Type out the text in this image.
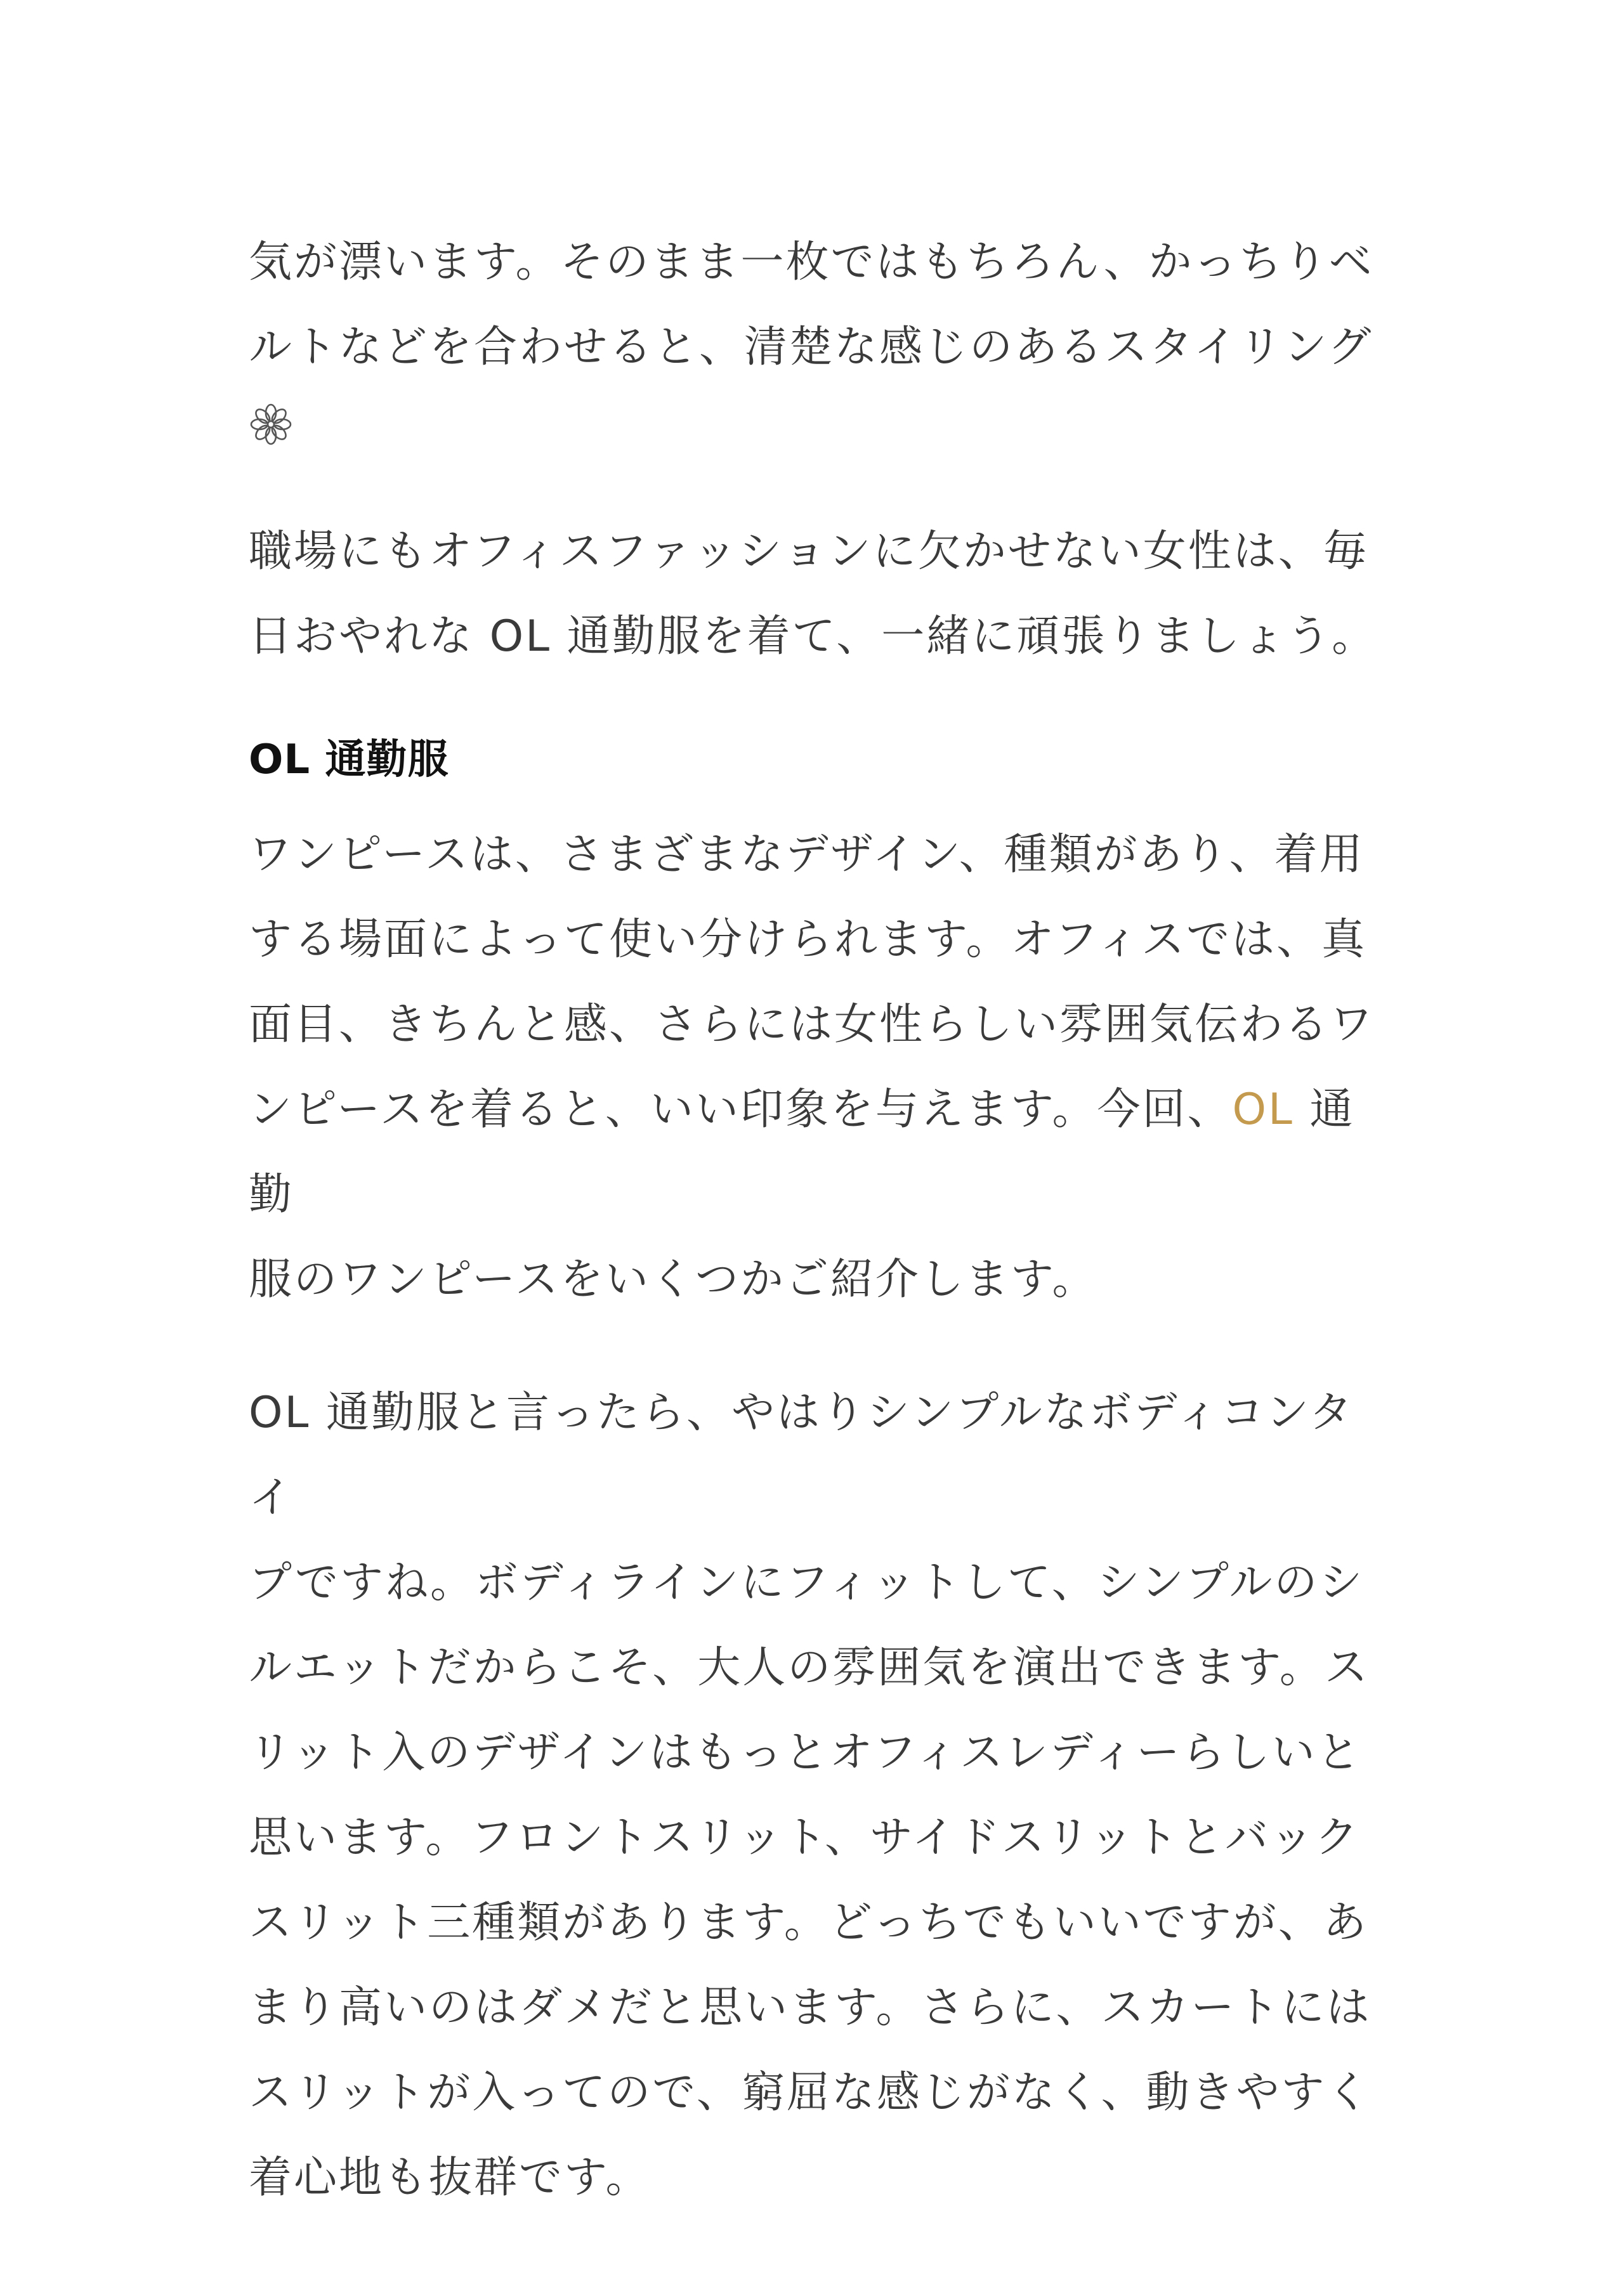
気が漂います。そのまま一枚ではもちろん、かっちりベ
ルトなどを合わせると、清楚な感じのあるスタイリング

職場にもオフィスファッションに欠かせない女性は、毎
日おやれな OL 通勤服を着て、一緒に頑張りましょう。

OL 通勤服

ワンピースは、さまざまなデザイン、種類があり、着用
する場面によって使い分けられます。オフィスでは、真
面目、きちんと感、さらには女性らしい雰囲気伝わるワ
ンピースを着ると、いい印象を与えます。今回、OL 通勤
服のワンピースをいくつかご紹介します。

OL 通勤服と言ったら、やはりシンプルなボディコンタイ
プですね。ボディラインにフィットして、シンプルのシ
ルエットだからこそ、大人の雰囲気を演出できます。ス
リット入のデザインはもっとオフィスレディーらしいと
思います。フロントスリット、サイドスリットとバック
スリット三種類があります。どっちでもいいですが、あ
まり高いのはダメだと思います。さらに、スカートには
スリットが入ってので、窮屈な感じがなく、動きやすく
着心地も抜群です。
